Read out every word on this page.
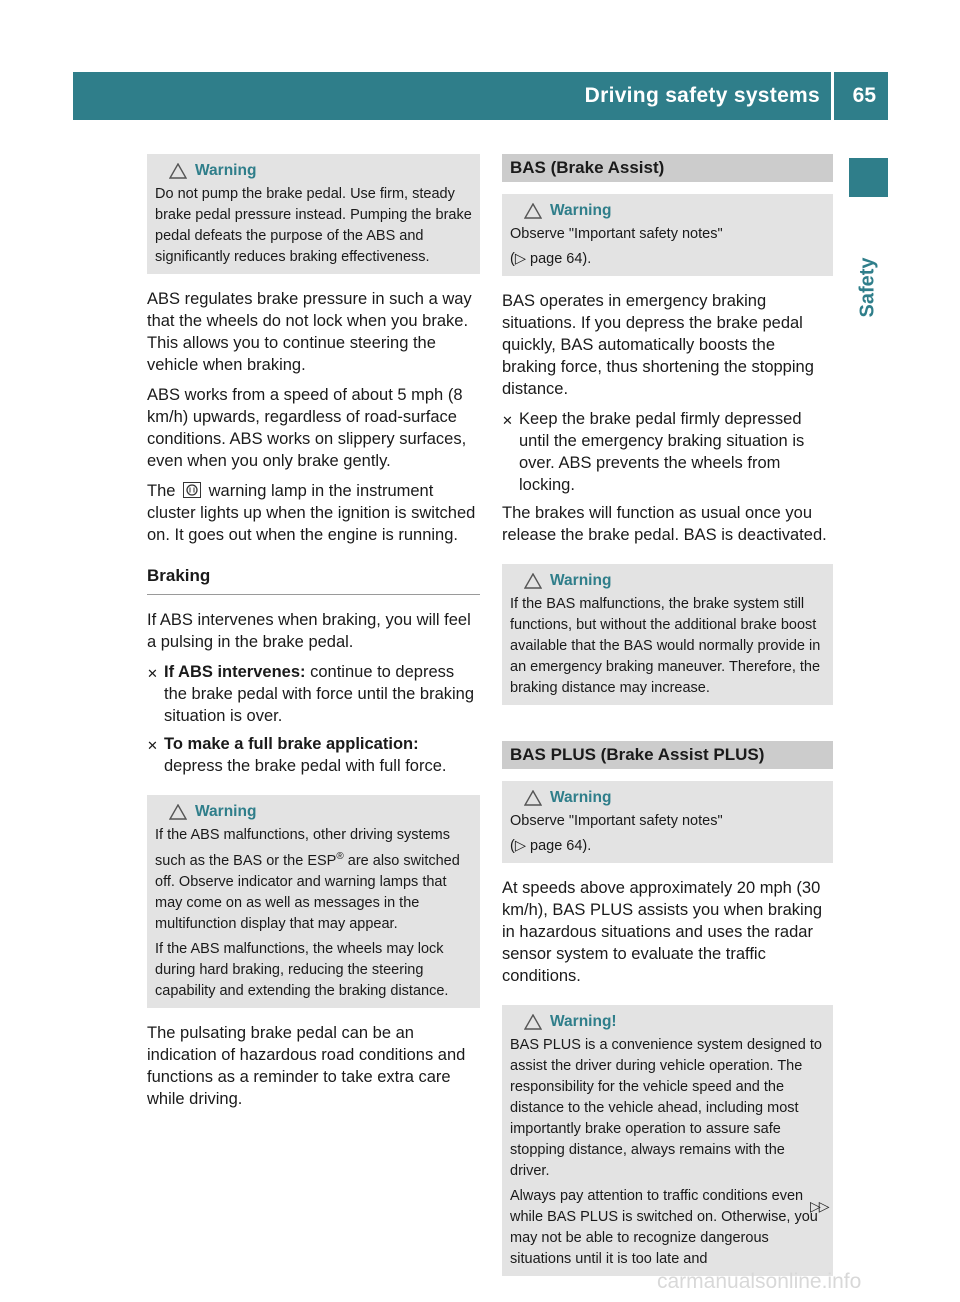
Driving safety systems 65
Safety
Warning

Do not pump the brake pedal. Use firm, steady brake pedal pressure instead. Pumping the brake pedal defeats the purpose of the ABS and significantly reduces braking effectiveness.

ABS regulates brake pressure in such a way that the wheels do not lock when you brake. This allows you to continue steering the vehicle when braking.

ABS works from a speed of about 5 mph (8 km/h) upwards, regardless of road-surface conditions. ABS works on slippery surfaces, even when you only brake gently.

The warning lamp in the instrument cluster lights up when the ignition is switched on. It goes out when the engine is running.

Braking

If ABS intervenes when braking, you will feel a pulsing in the brake pedal.

✕ If ABS intervenes: continue to depress the brake pedal with force until the braking situation is over.
✕ To make a full brake application: depress the brake pedal with full force.
Warning

If the ABS malfunctions, other driving systems such as the BAS or the ESP® are also switched off. Observe indicator and warning lamps that may come on as well as messages in the multifunction display that may appear.

If the ABS malfunctions, the wheels may lock during hard braking, reducing the steering capability and extending the braking distance.

The pulsating brake pedal can be an indication of hazardous road conditions and functions as a reminder to take extra care while driving.

BAS (Brake Assist)
Warning

Observe "Important safety notes"

(▷ page 64).

BAS operates in emergency braking situations. If you depress the brake pedal quickly, BAS automatically boosts the braking force, thus shortening the stopping distance.

✕ Keep the brake pedal firmly depressed until the emergency braking situation is over. ABS prevents the wheels from locking.

The brakes will function as usual once you release the brake pedal. BAS is deactivated.

Warning

If the BAS malfunctions, the brake system still functions, but without the additional brake boost available that the BAS would normally provide in an emergency braking maneuver. Therefore, the braking distance may increase.

BAS PLUS (Brake Assist PLUS)
Warning

Observe "Important safety notes"

(▷ page 64).

At speeds above approximately 20 mph (30 km/h), BAS PLUS assists you when braking in hazardous situations and uses the radar sensor system to evaluate the traffic conditions.

Warning!

BAS PLUS is a convenience system designed to assist the driver during vehicle operation. The responsibility for the vehicle speed and the distance to the vehicle ahead, including most importantly brake operation to assure safe stopping distance, always remains with the driver.

Always pay attention to traffic conditions even while BAS PLUS is switched on. Otherwise, you may not be able to recognize dangerous situations until it is too late and

▷▷
carmanualsonline.info
